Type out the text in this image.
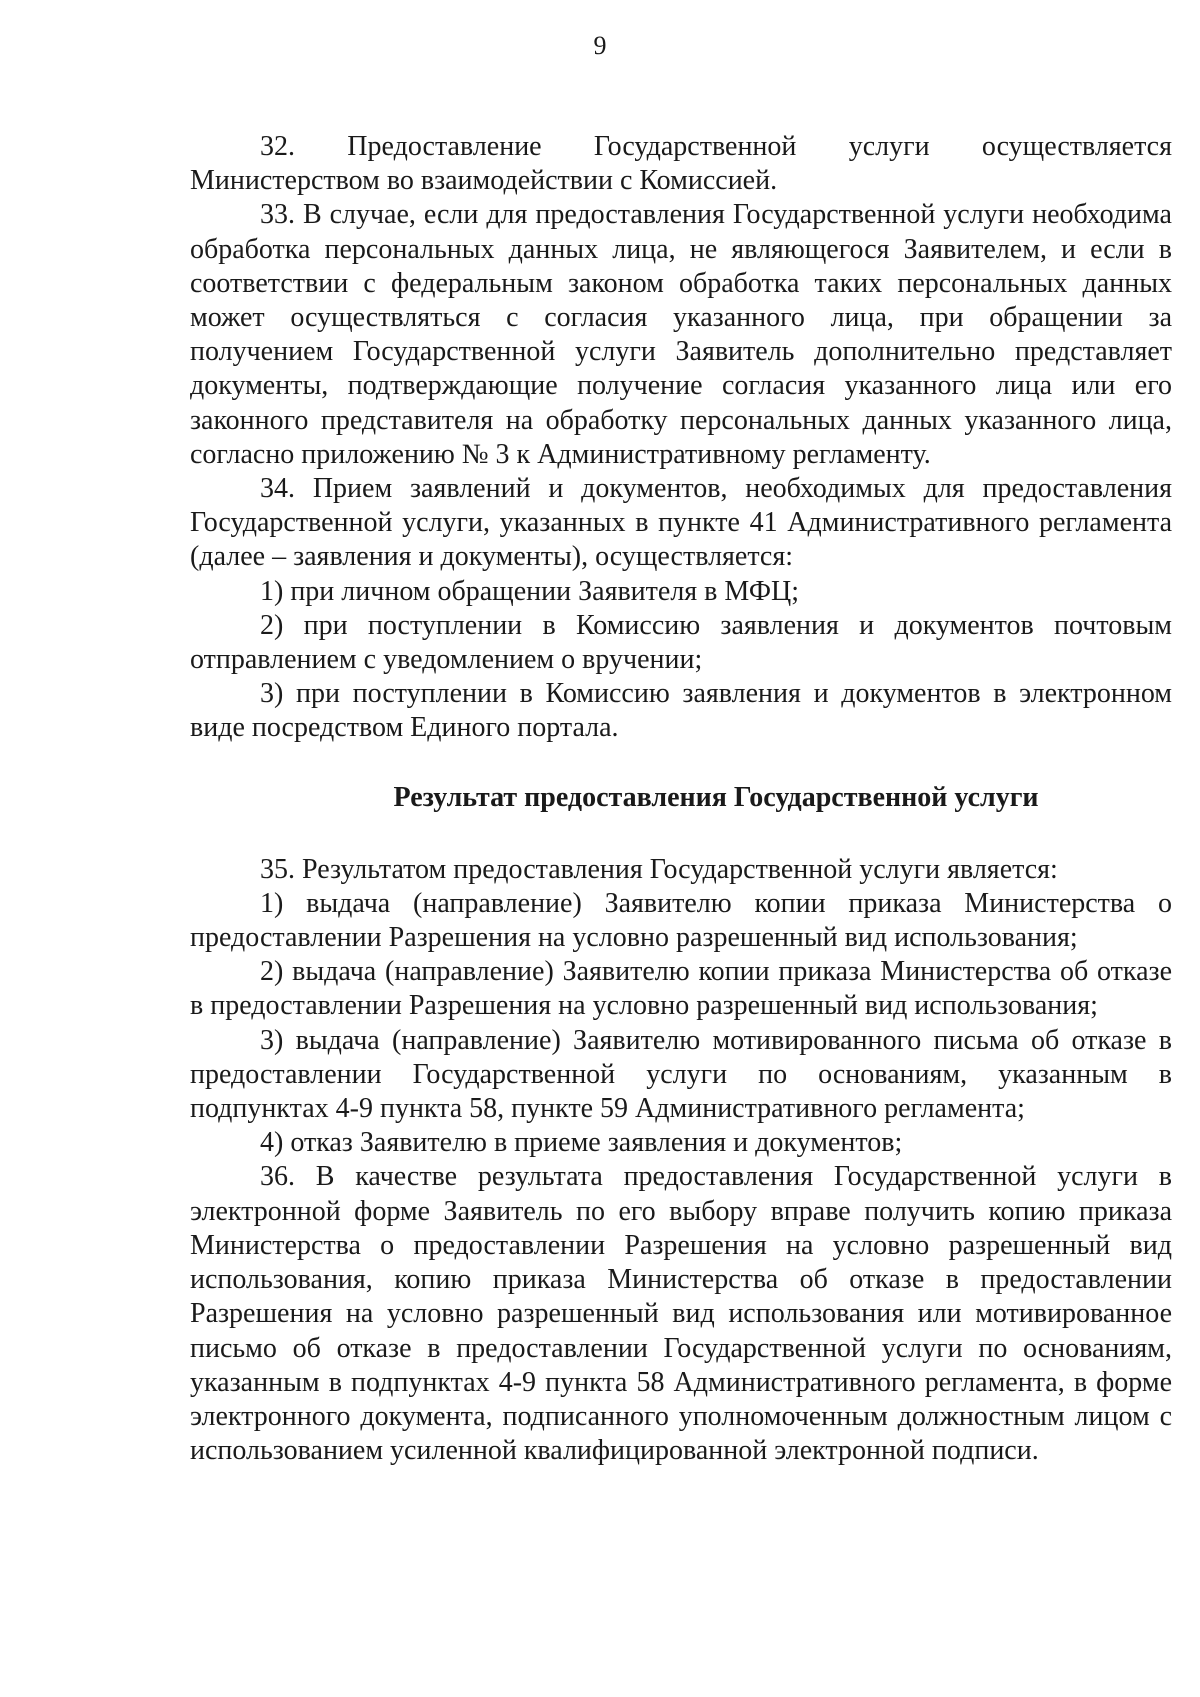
9

32. Предоставление Государственной услуги осуществляется Министерством во взаимодействии с Комиссией.

33. В случае, если для предоставления Государственной услуги необходима обработка персональных данных лица, не являющегося Заявителем, и если в соответствии с федеральным законом обработка таких персональных данных может осуществляться с согласия указанного лица, при обращении за получением Государственной услуги Заявитель дополнительно представляет документы, подтверждающие получение согласия указанного лица или его законного представителя на обработку персональных данных указанного лица, согласно приложению № 3 к Административному регламенту.

34. Прием заявлений и документов, необходимых для предоставления Государственной услуги, указанных в пункте 41 Административного регламента (далее – заявления и документы), осуществляется:

1) при личном обращении Заявителя в МФЦ;

2) при поступлении в Комиссию заявления и документов почтовым отправлением с уведомлением о вручении;

3) при поступлении в Комиссию заявления и документов в электронном виде посредством Единого портала.

Результат предоставления Государственной услуги

35. Результатом предоставления Государственной услуги является:

1) выдача (направление) Заявителю копии приказа Министерства о предоставлении Разрешения на условно разрешенный вид использования;

2) выдача (направление) Заявителю копии приказа Министерства об отказе в предоставлении Разрешения на условно разрешенный вид использования;

3) выдача (направление) Заявителю мотивированного письма об отказе в предоставлении Государственной услуги по основаниям, указанным в подпунктах 4-9 пункта 58, пункте 59 Административного регламента;

4) отказ Заявителю в приеме заявления и документов;

36. В качестве результата предоставления Государственной услуги в электронной форме Заявитель по его выбору вправе получить копию приказа Министерства о предоставлении Разрешения на условно разрешенный вид использования, копию приказа Министерства об отказе в предоставлении Разрешения на условно разрешенный вид использования или мотивированное письмо об отказе в предоставлении Государственной услуги по основаниям, указанным в подпунктах 4-9 пункта 58 Административного регламента, в форме электронного документа, подписанного уполномоченным должностным лицом с использованием усиленной квалифицированной электронной подписи.
